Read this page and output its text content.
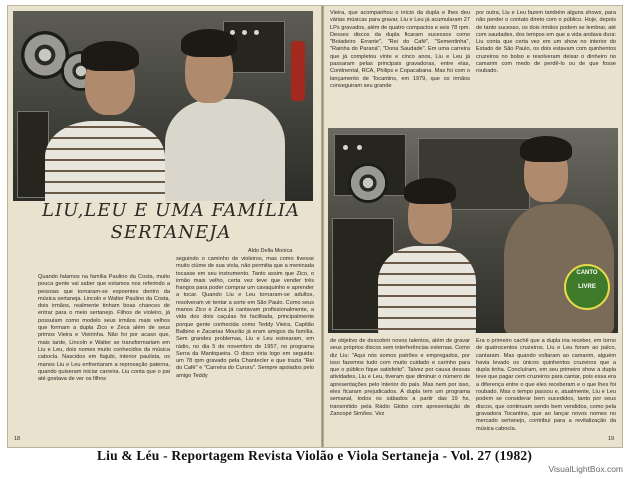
LIU,LEU E UMA FAMÍLIA
SERTANEJA
Aldo Della Monica
Quando falamos na família Paulino da Costa, muito pouca gente vai saber que estamos nos referindo a pessoas que tornaram-se expoentes dentro da música sertaneja. Lincoln e Walter Paulino da Costa, dois irmãos, realmente tinham boas chances de entrar para o meio sertanejo. Filhos de violeiro, já possuíam como modelo seus irmãos mais velhos que formam a dupla Zico e Zeca além de seus primos Vieira e Vieirinha. Não foi por acaso que, mais tarde, Lincoln e Walter se transformariam em Liu e Leu, dois nomes muito conhecidos da música cabocla. Nascidos em Itajubi, interior paulista, os manos Liu e Leu enfrentaram a reprovação paterna, quando quiseram iniciar carreira. Liu conta que o pai até gostava de ver os filhos
seguindo o caminho de violeiros, mas como tivesse muito ciúme de sua viola, não permitia que a meninada tocasse em seu instrumento. Tanto assim que Zico, o irmão mais velho, certa vez teve que vender três frangos para poder comprar um cavaquinho e aprender a tocar. Quando Liu e Leu tornaram-se adultos, resolveram vir tentar a sorte em São Paulo. Como seus manos Zico e Zeca já cantavam profissionalmente, a vida dos dois caçulas foi facilitada, principalmente porque gente conhecida como Teddy Vieira, Capitão Balbino e Zacarias Mourão já eram amigos da família. Sem grandes problemas, Liu e Leu estrearam, em rádio, no dia 5 de novembro de 1957, no programa Serra da Mantiqueira. O disco viria logo em seguida: um 78 rpm gravado pela Chantecler e que trazia "Rei do Café" e "Carreira do Cururu". Sempre apoiados pelo amigo Teddy
Vieira, que acompanhou o início da dupla e lhes deu várias músicas para gravar, Liu e Leu já acumularam 27 LPs gravados, além de quatro compactos e seis 78 rpm. Desses discos da dupla ficaram sucessos como "Boiadeiro Errante", "Rei do Café", "Sementinha", "Rainha do Paraná", "Dona Saudade". Em uma carreira que já completou vinte e cinco anos, Liu e Leu já passaram pelas principais gravadoras, entre elas, Continental, RCA, Philips e Copacabana. Mas foi com o lançamento de Tocantins, em 1979, que os irmãos conseguiram seu grande
por outra, Liu e Leu fazem também alguns shows, para não perder o contato direto com o público. Hoje, depois de tanto sucesso, os dois irmãos podem se lembrar, até com saudades, dos tempos em que a vida andava dura: Liu conta que certa vez em um show no interior do Estado de São Paulo, os dois estavam com quinhentos cruzeiros no bolso e resolveram deixar o dinheiro no camarim com medo de perdê-lo ou de que fosse roubado.
CANTO
LIVRE
de objetivo de descobrir novos talentos, além de gravar seus próprios discos sem interferências externas. Como diz Liu: "Aqui nós somos patrões e empregados, por isso fazemos tudo com muito cuidado e carinho para que o público fique satisfeito". Talvez por causa dessas atividades, Liu e Leu, tiveram que diminuir o número de apresentações pelo interior do país. Mas nem por isso, eles ficaram prejudicados. A dupla tem um programa semanal, todos os sábados a partir das 19 hs, transmitido pela Rádio Globo com apresentação de Zancopé Simões. Vez
Era o primeiro cachê que a dupla iria receber, em torno de quatrocentos cruzeiros. Liu e Leu foram ao palco, cantaram. Mas quando voltaram ao camarim, alguém havia levado os únicos quinhentos cruzeiros que a dupla tinha. Concluíram, em seu primeiro show a dupla teve que pagar cem cruzeiros para cantar, pois essa era a diferença entre o que eles receberam e o que lhes foi roubado. Mas o tempo passou e, atualmente, Liu e Leu podem se considerar bem sucedidos, tanto por seus discos, que continuam sendo bem vendidos, como pela gravadora Tocantins, que ao lançar novos nomes no mercado sertanejo, contribui para a revitalização da música cabocla.
18	19
Liu & Léu - Reportagem Revista Violão e Viola Sertaneja - Vol. 27 (1982)
VisualLightBox.com
